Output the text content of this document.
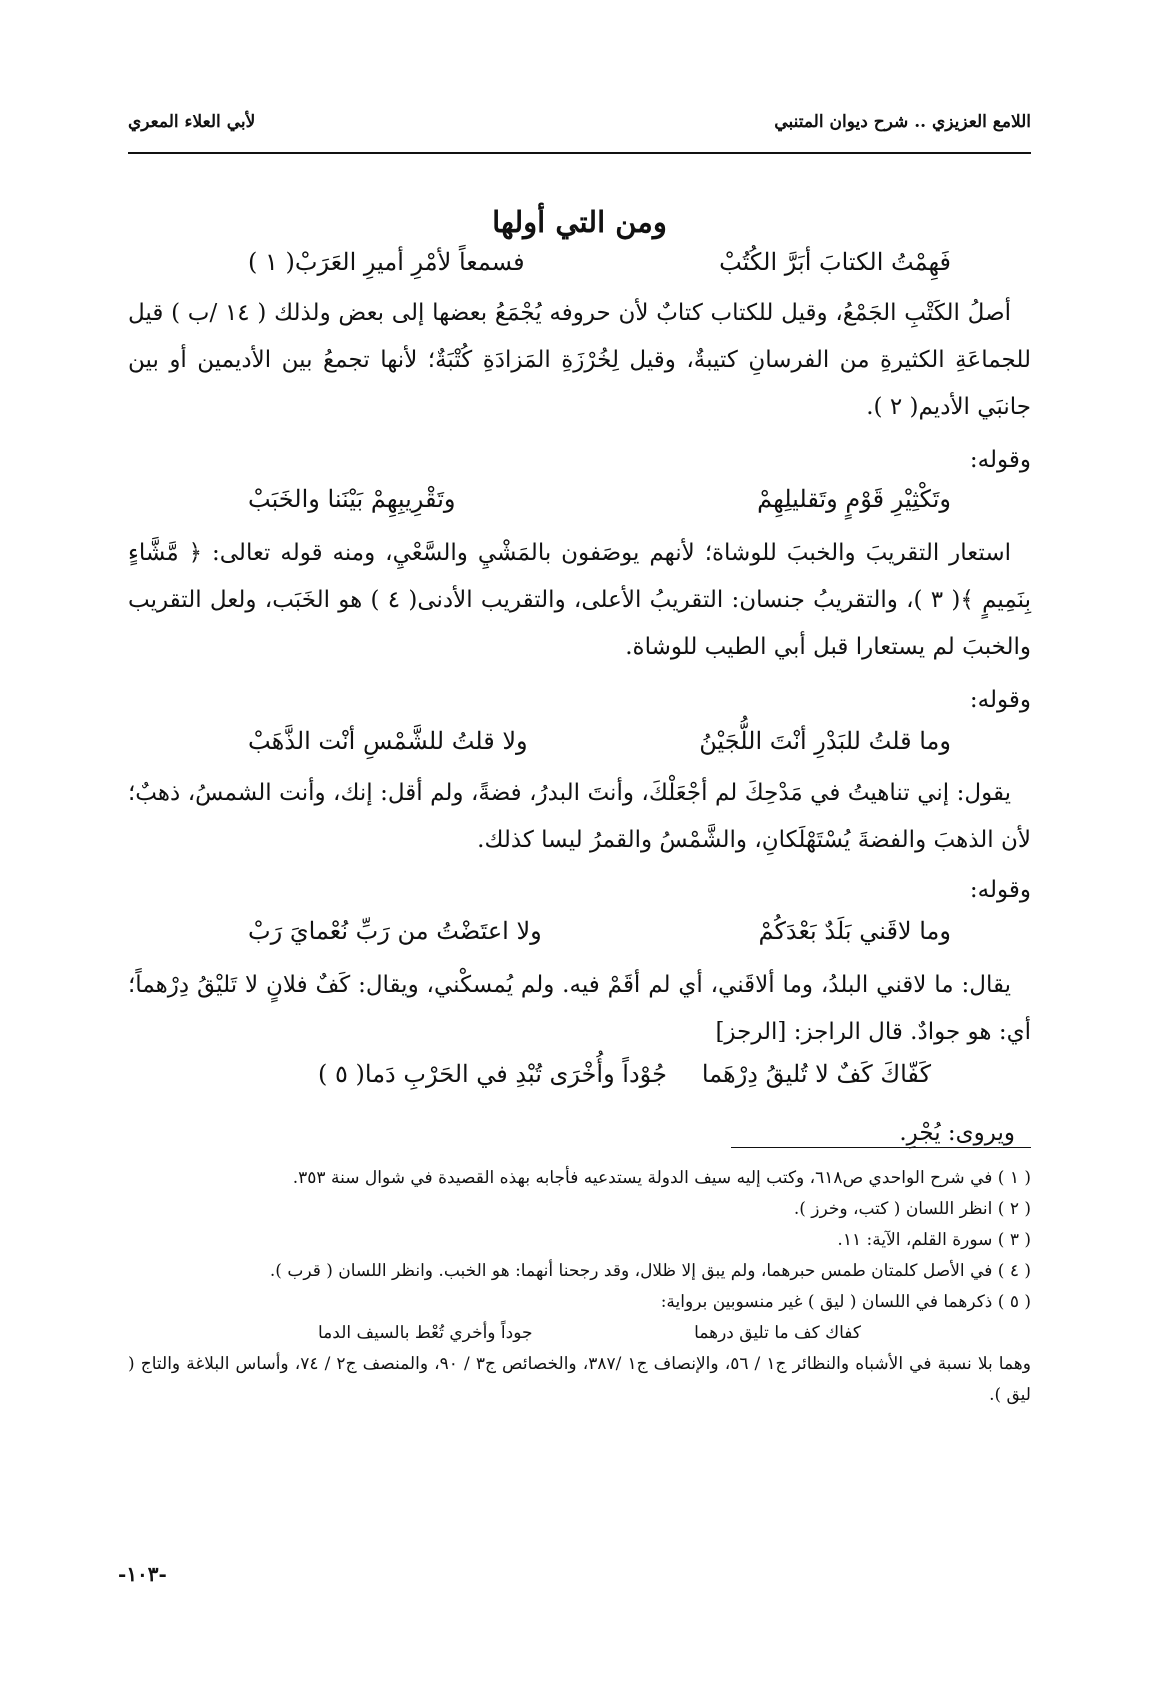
اللامع العزيزي .. شرح ديوان المتنبي
لأبي العلاء المعري
ومن التي أولها
فَهِمْتُ الكتابَ أبَرَّ الكُتُبْ
فسمعاً لأمْرِ أميرِ العَرَبْ( ١ )
أصلُ الكَتْبِ الجَمْعُ، وقيل للكتاب كتابٌ لأن حروفه يُجْمَعُ بعضها إلى بعض ولذلك ( ١٤ /ب ) قيل للجماعَةِ الكثيرةِ من الفرسانِ كتيبةٌ، وقيل لِخُرْزَةِ المَزادَةِ كُتْبَةٌ؛ لأنها تجمعُ بين الأديمين أو بين جانبَي الأديم( ٢ ).
وقوله:
وتَكْثِيْرِ قَوْمٍ وتَقليلِهِمْ
وتَقْرِيبِهِمْ بَيْنَنا والخَبَبْ
استعار التقريبَ والخببَ للوشاة؛ لأنهم يوصَفون بالمَشْيِ والسَّعْيِ، ومنه قوله تعالى: ﴿ مَّشَّاءٍ بِنَمِيمٍ ﴾( ٣ )، والتقريبُ جنسان: التقريبُ الأعلى، والتقريب الأدنى( ٤ ) هو الخَبَب، ولعل التقريب والخببَ لم يستعارا قبل أبي الطيب للوشاة.
وقوله:
وما قلتُ للبَدْرِ أنْتَ اللُّجَيْنُ
ولا قلتُ للشَّمْسِ أنْت الذَّهَبْ
يقول: إني تناهيتُ في مَدْحِكَ لم أجْعَلْكَ، وأنتَ البدرُ، فضةً، ولم أقل: إنك، وأنت الشمسُ، ذهبٌ؛ لأن الذهبَ والفضةَ يُسْتَهْلَكانِ، والشَّمْسُ والقمرُ ليسا كذلك.
وقوله:
وما لاقَني بَلَدٌ بَعْدَكُمْ
ولا اعتَضْتُ من رَبِّ نُعْمايَ رَبْ
يقال: ما لاقني البلدُ، وما ألاقَني، أي لم أقَمْ فيه. ولم يُمسكْني، ويقال: كَفٌ فلانٍ لا تَليْقُ دِرْهماً؛ أي: هو جوادٌ. قال الراجز: [الرجز]
كَفّاكَ كَفٌ لا تُليقُ دِرْهَما
جُوْداً وأُخْرَى تُبْدِ في الحَرْبِ دَما( ٥ )
ويروى: يُجْرِ.
( ١ ) في شرح الواحدي ص٦١٨، وكتب إليه سيف الدولة يستدعيه فأجابه بهذه القصيدة في شوال سنة ٣٥٣.
( ٢ ) انظر اللسان ( كتب، وخرز ).
( ٣ ) سورة القلم، الآية: ١١.
( ٤ ) في الأصل كلمتان طمس حبرهما، ولم يبق إلا ظلال، وقد رجحنا أنهما: هو الخبب. وانظر اللسان ( قرب ).
( ٥ ) ذكرهما في اللسان ( ليق ) غير منسوبين برواية:
كفاك كف ما تليق درهما
جوداً وأخري تُعْط بالسيف الدما
وهما بلا نسبة في الأشباه والنظائر ج١ / ٥٦، والإنصاف ج١ /٣٨٧، والخصائص ج٣ / ٩٠، والمنصف ج٢ / ٧٤، وأساس البلاغة والتاج ( ليق ).
-١٠٣-
